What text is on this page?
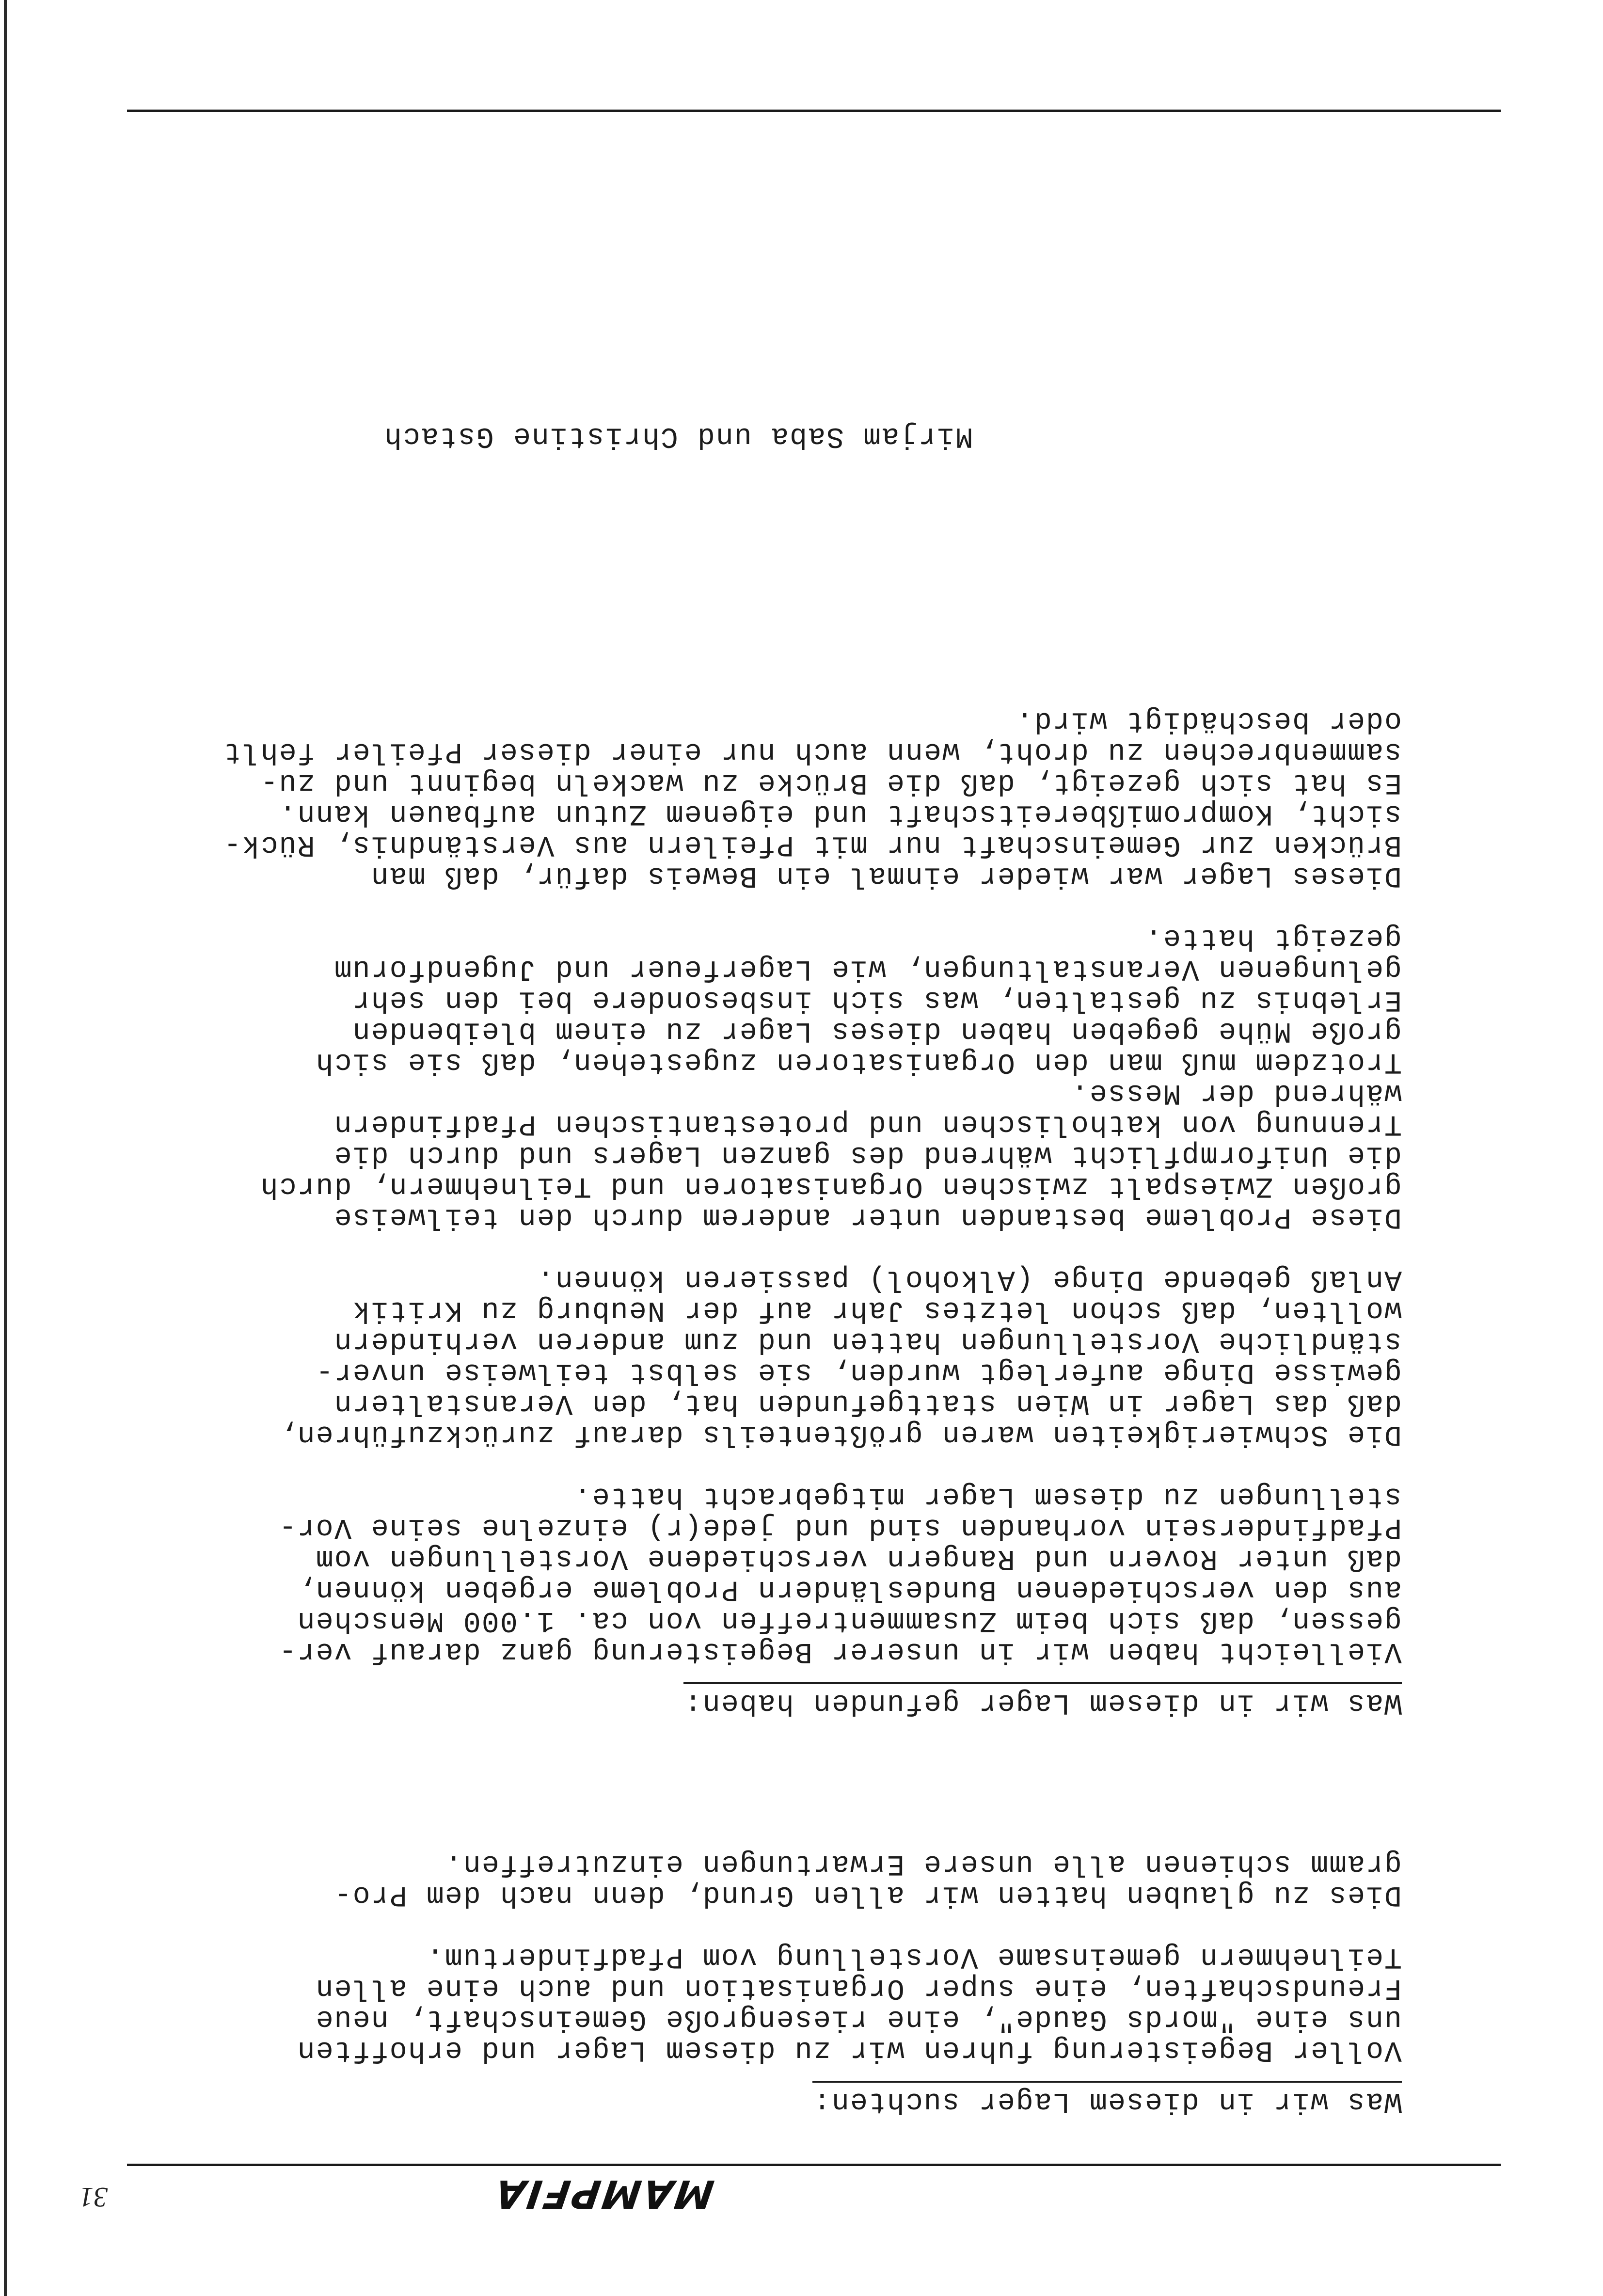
MAMPFIA
31
Was wir in diesem Lager suchten:
Voller Begeisterung fuhren wir zu diesem Lager und erhofften
uns eine "mords Gaude", eine riesengroße Gemeinschaft, neue
Freundschaften, eine super Organisation und auch eine allen
Teilnehmern gemeinsame Vorstellung vom Pfadfindertum.
Dies zu glauben hatten wir allen Grund, denn nach dem Pro-
gramm schienen alle unsere Erwartungen einzutreffen.
Was wir in diesem Lager gefunden haben:
Vielleicht haben wir in unserer Begeisterung ganz darauf ver-
gessen, daß sich beim Zusammentreffen von ca. 1.000 Menschen
aus den verschiedenen Bundesländern Probleme ergeben können,
daß unter Rovern und Rangern verschiedene Vorstellungen vom
Pfadfindersein vorhanden sind und jede(r) einzelne seine Vor-
stellungen zu diesem Lager mitgebracht hatte.
Die Schwierigkeiten waren größtenteils darauf zurückzuführen,
daß das Lager in Wien stattgefunden hat, den Veranstaltern
gewisse Dinge auferlegt wurden, sie selbst teilweise unver-
ständliche Vorstellungen hatten und zum anderen verhindern
wollten, daß schon letztes Jahr auf der Neuburg zu Kritik
Anlaß gebende Dinge (Alkohol) passieren können.
Diese Probleme bestanden unter anderem durch den teilweise
großen Zwiespalt zwischen Organisatoren und Teilnehmern, durch
die Uniformpflicht während des ganzen Lagers und durch die
Trennung von katholischen und protestantischen Pfadfindern
während der Messe.
Trotzdem muß man den Organisatoren zugestehen, daß sie sich
große Mühe gegeben haben dieses Lager zu einem bleibenden
Erlebnis zu gestalten, was sich insbesondere bei den sehr
gelungenen Veranstaltungen, wie Lagerfeuer und Jugendforum
gezeigt hatte.
Dieses Lager war wieder einmal ein Beweis dafür, daß man
Brücken zur Gemeinschaft nur mit Pfeilern aus Verständnis, Rück-
sicht, Kompromißbereitschaft und eigenem Zutun aufbauen kann.
Es hat sich gezeigt, daß die Brücke zu wackeln beginnt und zu-
sammenbrechen zu droht, wenn auch nur einer dieser Pfeiler fehlt
oder beschädigt wird.
Mirjam Saba und Christine Gstach
